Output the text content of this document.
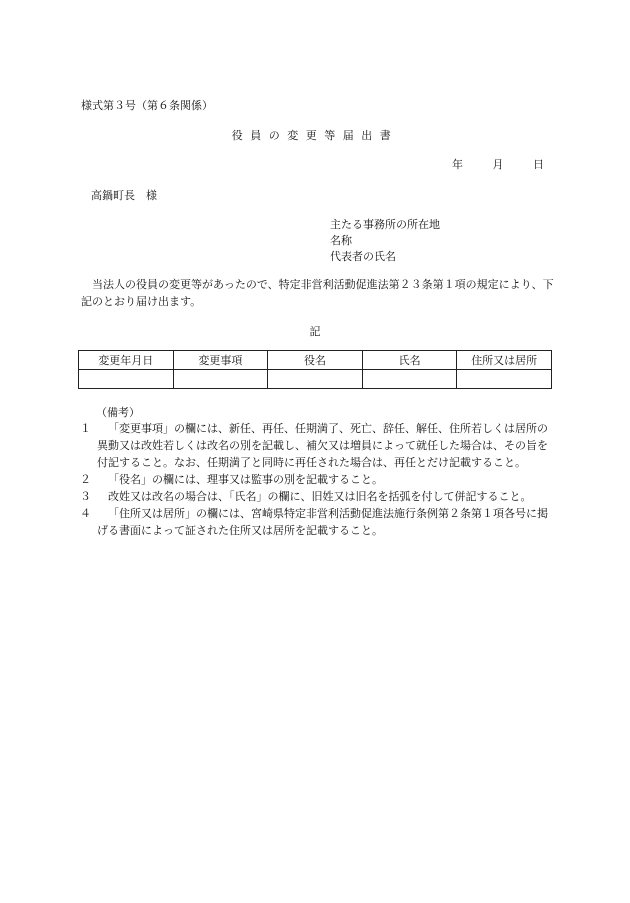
様式第３号（第６条関係）
役員の変更等届出書
年	月	日
高鍋町長　様
主たる事務所の所在地
名称
代表者の氏名
当法人の役員の変更等があったので、特定非営利活動促進法第２３条第１項の規定により、下記のとおり届け出ます。
記
変更年月日	変更事項	役名	氏名	住所又は居所

（備考）
１	「変更事項」の欄には、新任、再任、任期満了、死亡、辞任、解任、住所若しくは居所の異動又は改姓若しくは改名の別を記載し、補欠又は増員によって就任した場合は、その旨を付記すること。なお、任期満了と同時に再任された場合は、再任とだけ記載すること。
２	「役名」の欄には、理事又は監事の別を記載すること。
３	改姓又は改名の場合は、「氏名」の欄に、旧姓又は旧名を括弧を付して併記すること。
４	「住所又は居所」の欄には、宮崎県特定非営利活動促進法施行条例第２条第１項各号に掲げる書面によって証された住所又は居所を記載すること。
